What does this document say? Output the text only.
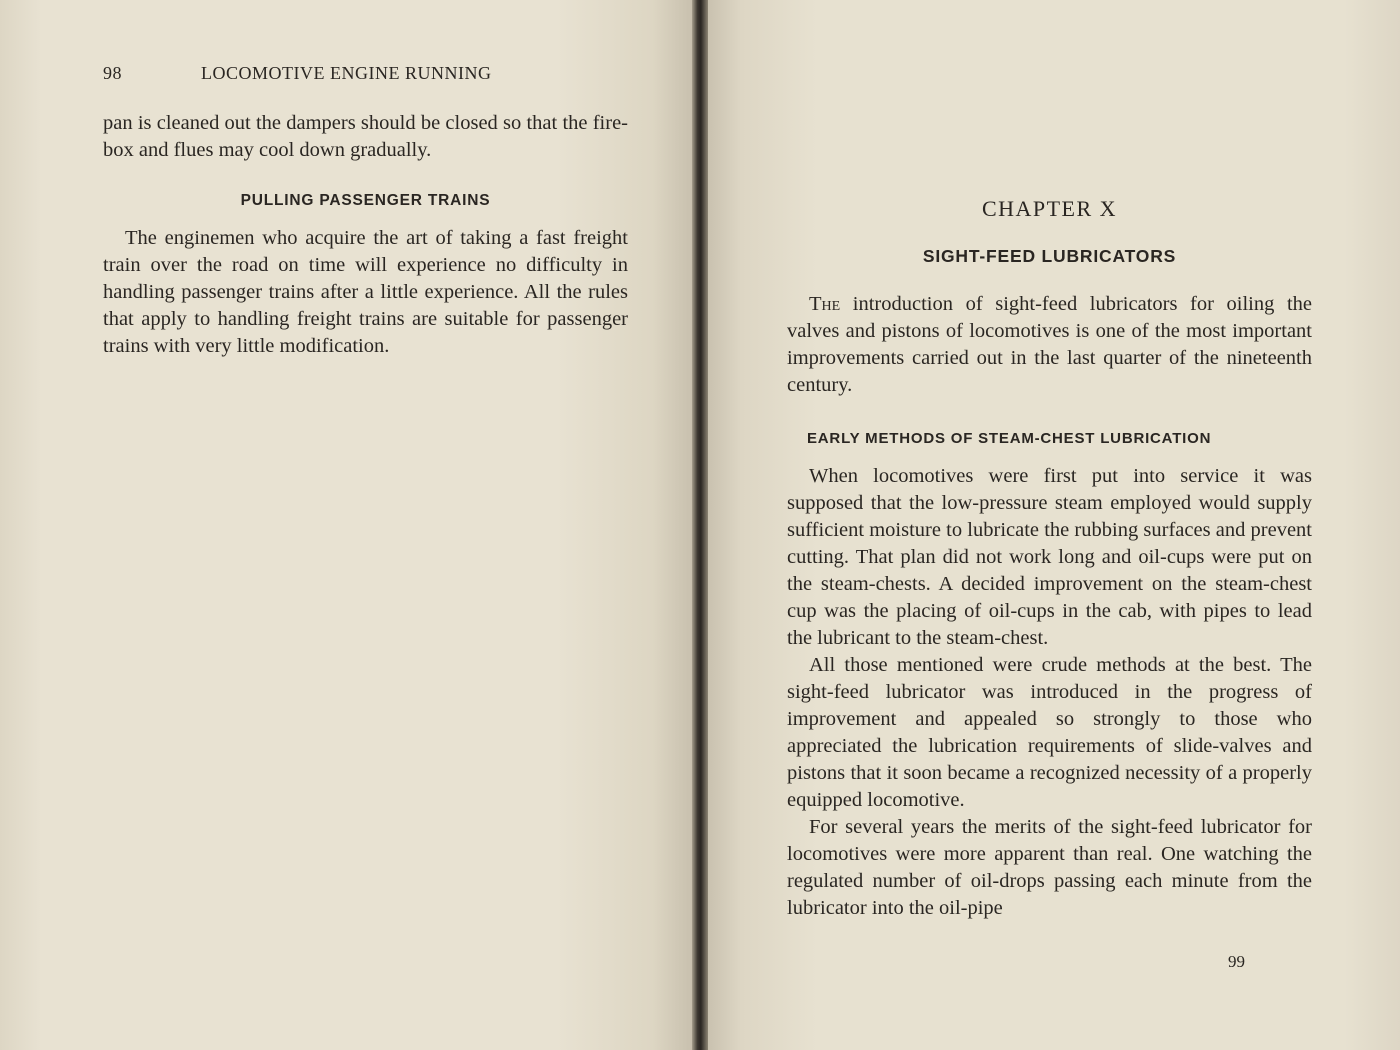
98	LOCOMOTIVE ENGINE RUNNING

pan is cleaned out the dampers should be closed so that the fire-box and flues may cool down gradually.

PULLING PASSENGER TRAINS

The enginemen who acquire the art of taking a fast freight train over the road on time will experience no difficulty in handling passenger trains after a little experience. All the rules that apply to handling freight trains are suitable for passenger trains with very little modification.

CHAPTER X
SIGHT-FEED LUBRICATORS

The introduction of sight-feed lubricators for oiling the valves and pistons of locomotives is one of the most important improvements carried out in the last quarter of the nineteenth century.

EARLY METHODS OF STEAM-CHEST LUBRICATION

When locomotives were first put into service it was supposed that the low-pressure steam employed would supply sufficient moisture to lubricate the rubbing surfaces and prevent cutting. That plan did not work long and oil-cups were put on the steam-chests. A decided improvement on the steam-chest cup was the placing of oil-cups in the cab, with pipes to lead the lubricant to the steam-chest.

All those mentioned were crude methods at the best. The sight-feed lubricator was introduced in the progress of improvement and appealed so strongly to those who appreciated the lubrication requirements of slide-valves and pistons that it soon became a recognized necessity of a properly equipped locomotive.

For several years the merits of the sight-feed lubricator for locomotives were more apparent than real. One watching the regulated number of oil-drops passing each minute from the lubricator into the oil-pipe

99
